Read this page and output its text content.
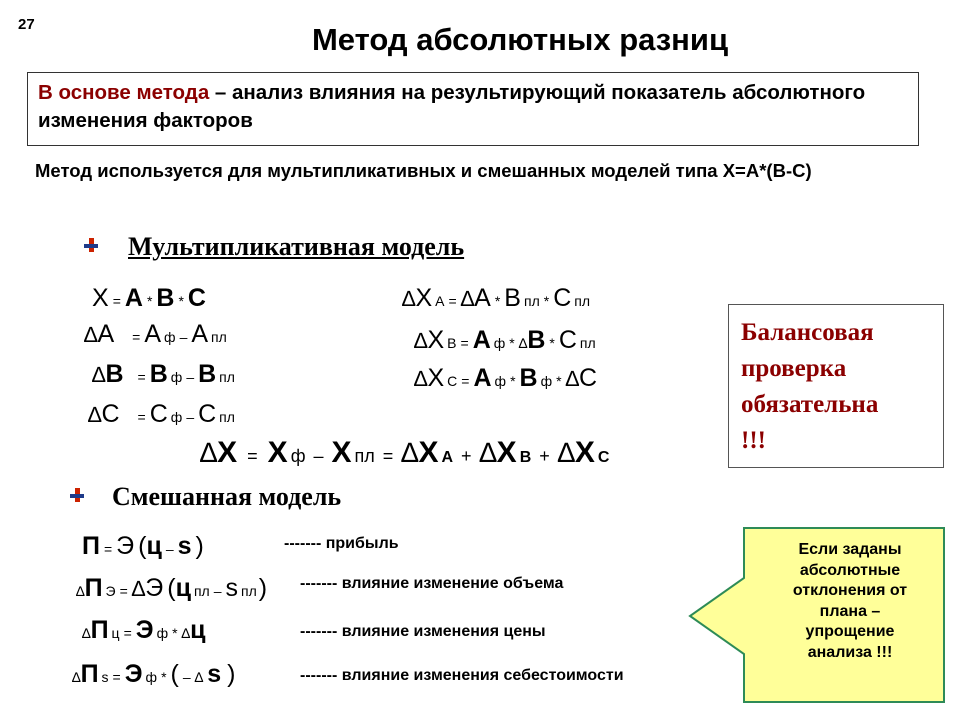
27	Метод абсолютных разниц
В основе метода – анализ влияния на результирующий показатель абсолютного изменения факторов
Метод используется для мультипликативных и смешанных моделей типа X=A*(B-C)
Мультипликативная модель
X = A * B * C
∆ A = A ф – A пл
∆ B = B ф – B пл
∆ C = C ф – C пл
∆ X A = ∆ A * B пл * C пл
∆ X B = A ф * ∆ B * C пл
∆ X C = A ф * B ф * ∆ C
∆ X = X ф – X пл = ∆ X A + ∆ X B + ∆ X C
Балансовая
проверка
обязательна
!!!
Смешанная модель
П = Э ( ц – s )
∆ П Э = ∆ Э ( ц пл – s пл )
∆ П ц = Э ф * ∆ ц
∆ П s = Э ф * ( – ∆ s )
------- прибыль
------- влияние изменение объема
------- влияние изменения цены
------- влияние изменения себестоимости
Если заданы
абсолютные
отклонения от
плана –
упрощение
анализа !!!
